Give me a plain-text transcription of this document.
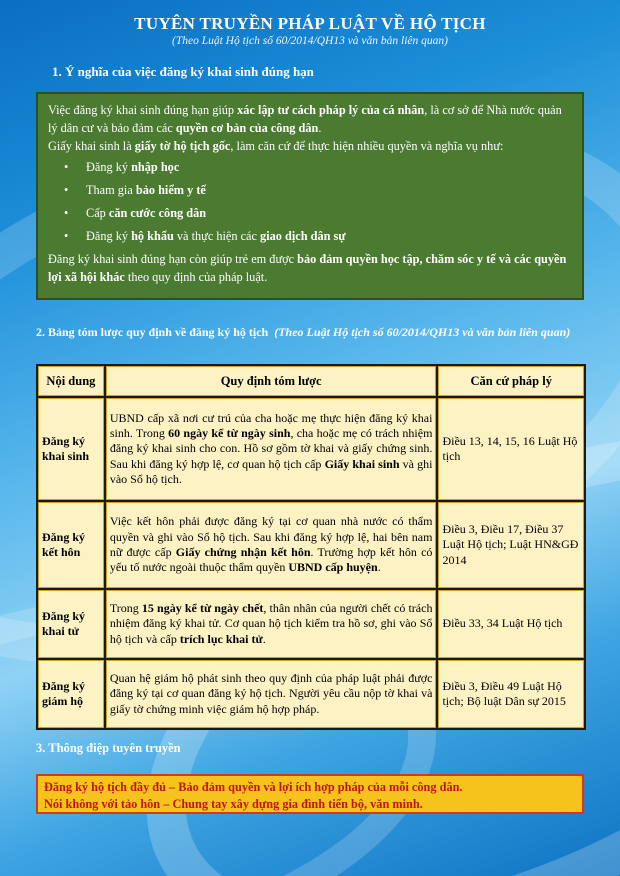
TUYÊN TRUYỀN PHÁP LUẬT VỀ HỘ TỊCH
(Theo Luật Hộ tịch số 60/2014/QH13 và văn bản liên quan)
1. Ý nghĩa của việc đăng ký khai sinh đúng hạn

Việc đăng ký khai sinh đúng hạn giúp xác lập tư cách pháp lý của cá nhân, là cơ sở để Nhà nước quản lý dân cư và bảo đảm các quyền cơ bản của công dân.

Giấy khai sinh là giấy tờ hộ tịch gốc, làm căn cứ để thực hiện nhiều quyền và nghĩa vụ như:

• Đăng ký nhập học
• Tham gia bảo hiểm y tế
• Cấp căn cước công dân
• Đăng ký hộ khẩu và thực hiện các giao dịch dân sự

Đăng ký khai sinh đúng hạn còn giúp trẻ em được bảo đảm quyền học tập, chăm sóc y tế và các quyền lợi xã hội khác theo quy định của pháp luật.

2. Bảng tóm lược quy định về đăng ký hộ tịch (Theo Luật Hộ tịch số 60/2014/QH13 và văn bản liên quan)
Nội dung	Quy định tóm lược	Căn cứ pháp lý
Đăng ký khai sinh	UBND cấp xã nơi cư trú của cha hoặc mẹ thực hiện đăng ký khai sinh. Trong 60 ngày kể từ ngày sinh, cha hoặc mẹ có trách nhiệm đăng ký khai sinh cho con. Hồ sơ gồm tờ khai và giấy chứng sinh. Sau khi đăng ký hợp lệ, cơ quan hộ tịch cấp Giấy khai sinh và ghi vào Sổ hộ tịch.	Điều 13, 14, 15, 16 Luật Hộ tịch
Đăng ký kết hôn	Việc kết hôn phải được đăng ký tại cơ quan nhà nước có thẩm quyền và ghi vào Sổ hộ tịch. Sau khi đăng ký hợp lệ, hai bên nam nữ được cấp Giấy chứng nhận kết hôn. Trường hợp kết hôn có yếu tố nước ngoài thuộc thẩm quyền UBND cấp huyện.	Điều 3, Điều 17, Điều 37 Luật Hộ tịch; Luật HN&GĐ 2014
Đăng ký khai tử	Trong 15 ngày kể từ ngày chết, thân nhân của người chết có trách nhiệm đăng ký khai tử. Cơ quan hộ tịch kiểm tra hồ sơ, ghi vào Sổ hộ tịch và cấp trích lục khai tử.	Điều 33, 34 Luật Hộ tịch
Đăng ký giám hộ	Quan hệ giám hộ phát sinh theo quy định của pháp luật phải được đăng ký tại cơ quan đăng ký hộ tịch. Người yêu cầu nộp tờ khai và giấy tờ chứng minh việc giám hộ hợp pháp.	Điều 3, Điều 49 Luật Hộ tịch; Bộ luật Dân sự 2015
3. Thông điệp tuyên truyền
Đăng ký hộ tịch đầy đủ – Bảo đảm quyền và lợi ích hợp pháp của mỗi công dân.
Nói không với tảo hôn – Chung tay xây dựng gia đình tiến bộ, văn minh.
